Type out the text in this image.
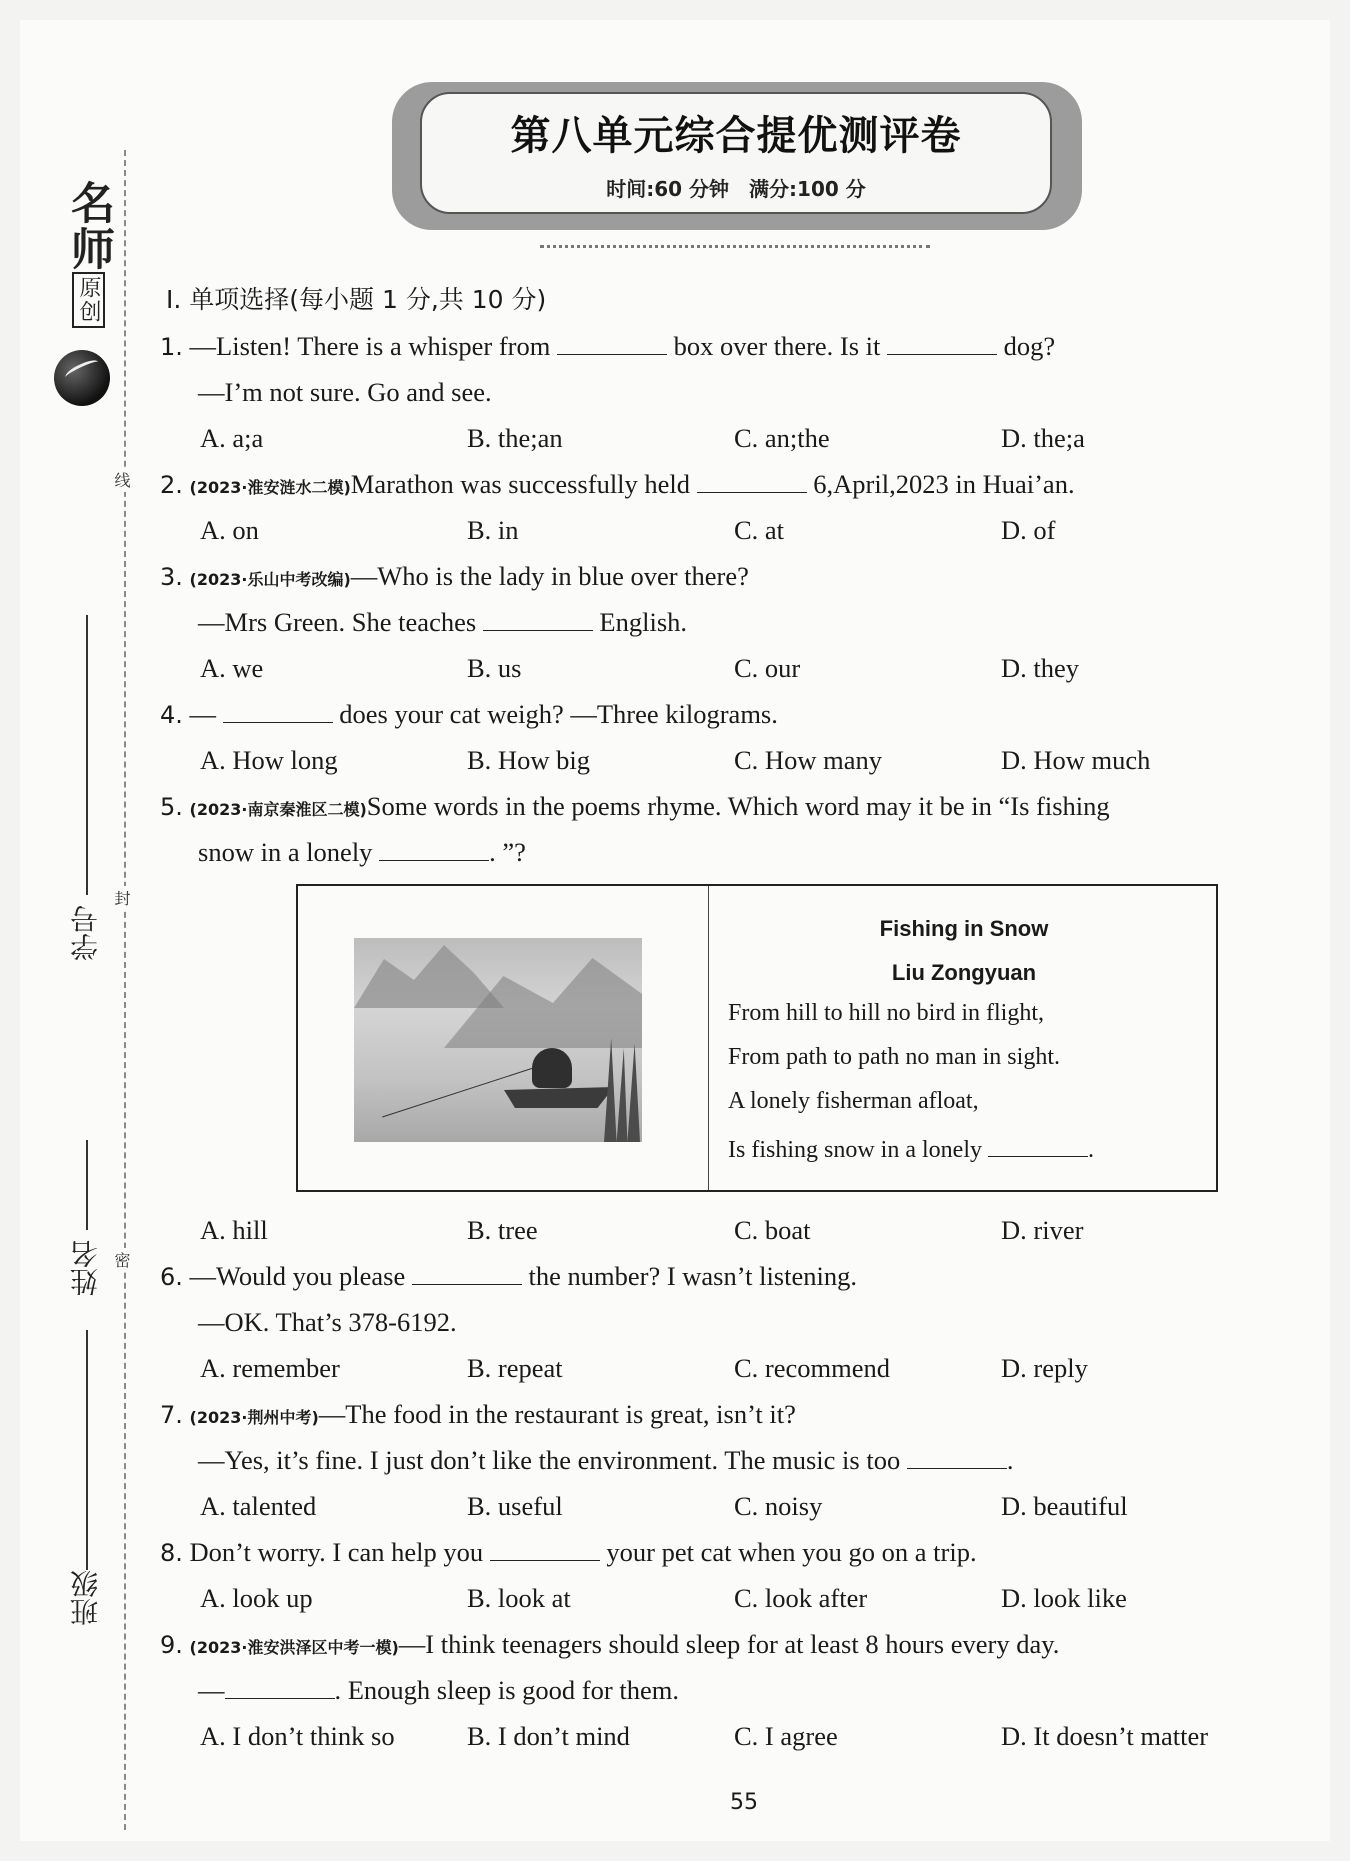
名师原创
学号
姓名
班级
线
封
密
第八单元综合提优测评卷
时间:60 分钟　满分:100 分
Ⅰ. 单项选择(每小题 1 分,共 10 分)
1. —Listen! There is a whisper from	box over there. Is it	dog?
—I’m not sure. Go and see.
A. a;a	B. the;an	C. an;the	D. the;a
2. (2023·淮安涟水二模)Marathon was successfully held	6,April,2023 in Huai’an.
A. on	B. in	C. at	D. of
3. (2023·乐山中考改编)—Who is the lady in blue over there?
—Mrs Green. She teaches	English.
A. we	B. us	C. our	D. they
4. —	does your cat weigh? —Three kilograms.
A. How long	B. How big	C. How many	D. How much
5. (2023·南京秦淮区二模)Some words in the poems rhyme. Which word may it be in “Is fishing
snow in a lonely	. ”?
Fishing in Snow
Liu Zongyuan
From hill to hill no bird in flight,
From path to path no man in sight.
A lonely fisherman afloat,
Is fishing snow in a lonely	.
A. hill	B. tree	C. boat	D. river
6. —Would you please	the number? I wasn’t listening.
—OK. That’s 378-6192.
A. remember	B. repeat	C. recommend	D. reply
7. (2023·荆州中考)—The food in the restaurant is great, isn’t it?
—Yes, it’s fine. I just don’t like the environment. The music is too	.
A. talented	B. useful	C. noisy	D. beautiful
8. Don’t worry. I can help you	your pet cat when you go on a trip.
A. look up	B. look at	C. look after	D. look like
9. (2023·淮安洪泽区中考一模)—I think teenagers should sleep for at least 8 hours every day.
—	. Enough sleep is good for them.
A. I don’t think so	B. I don’t mind	C. I agree	D. It doesn’t matter
55
